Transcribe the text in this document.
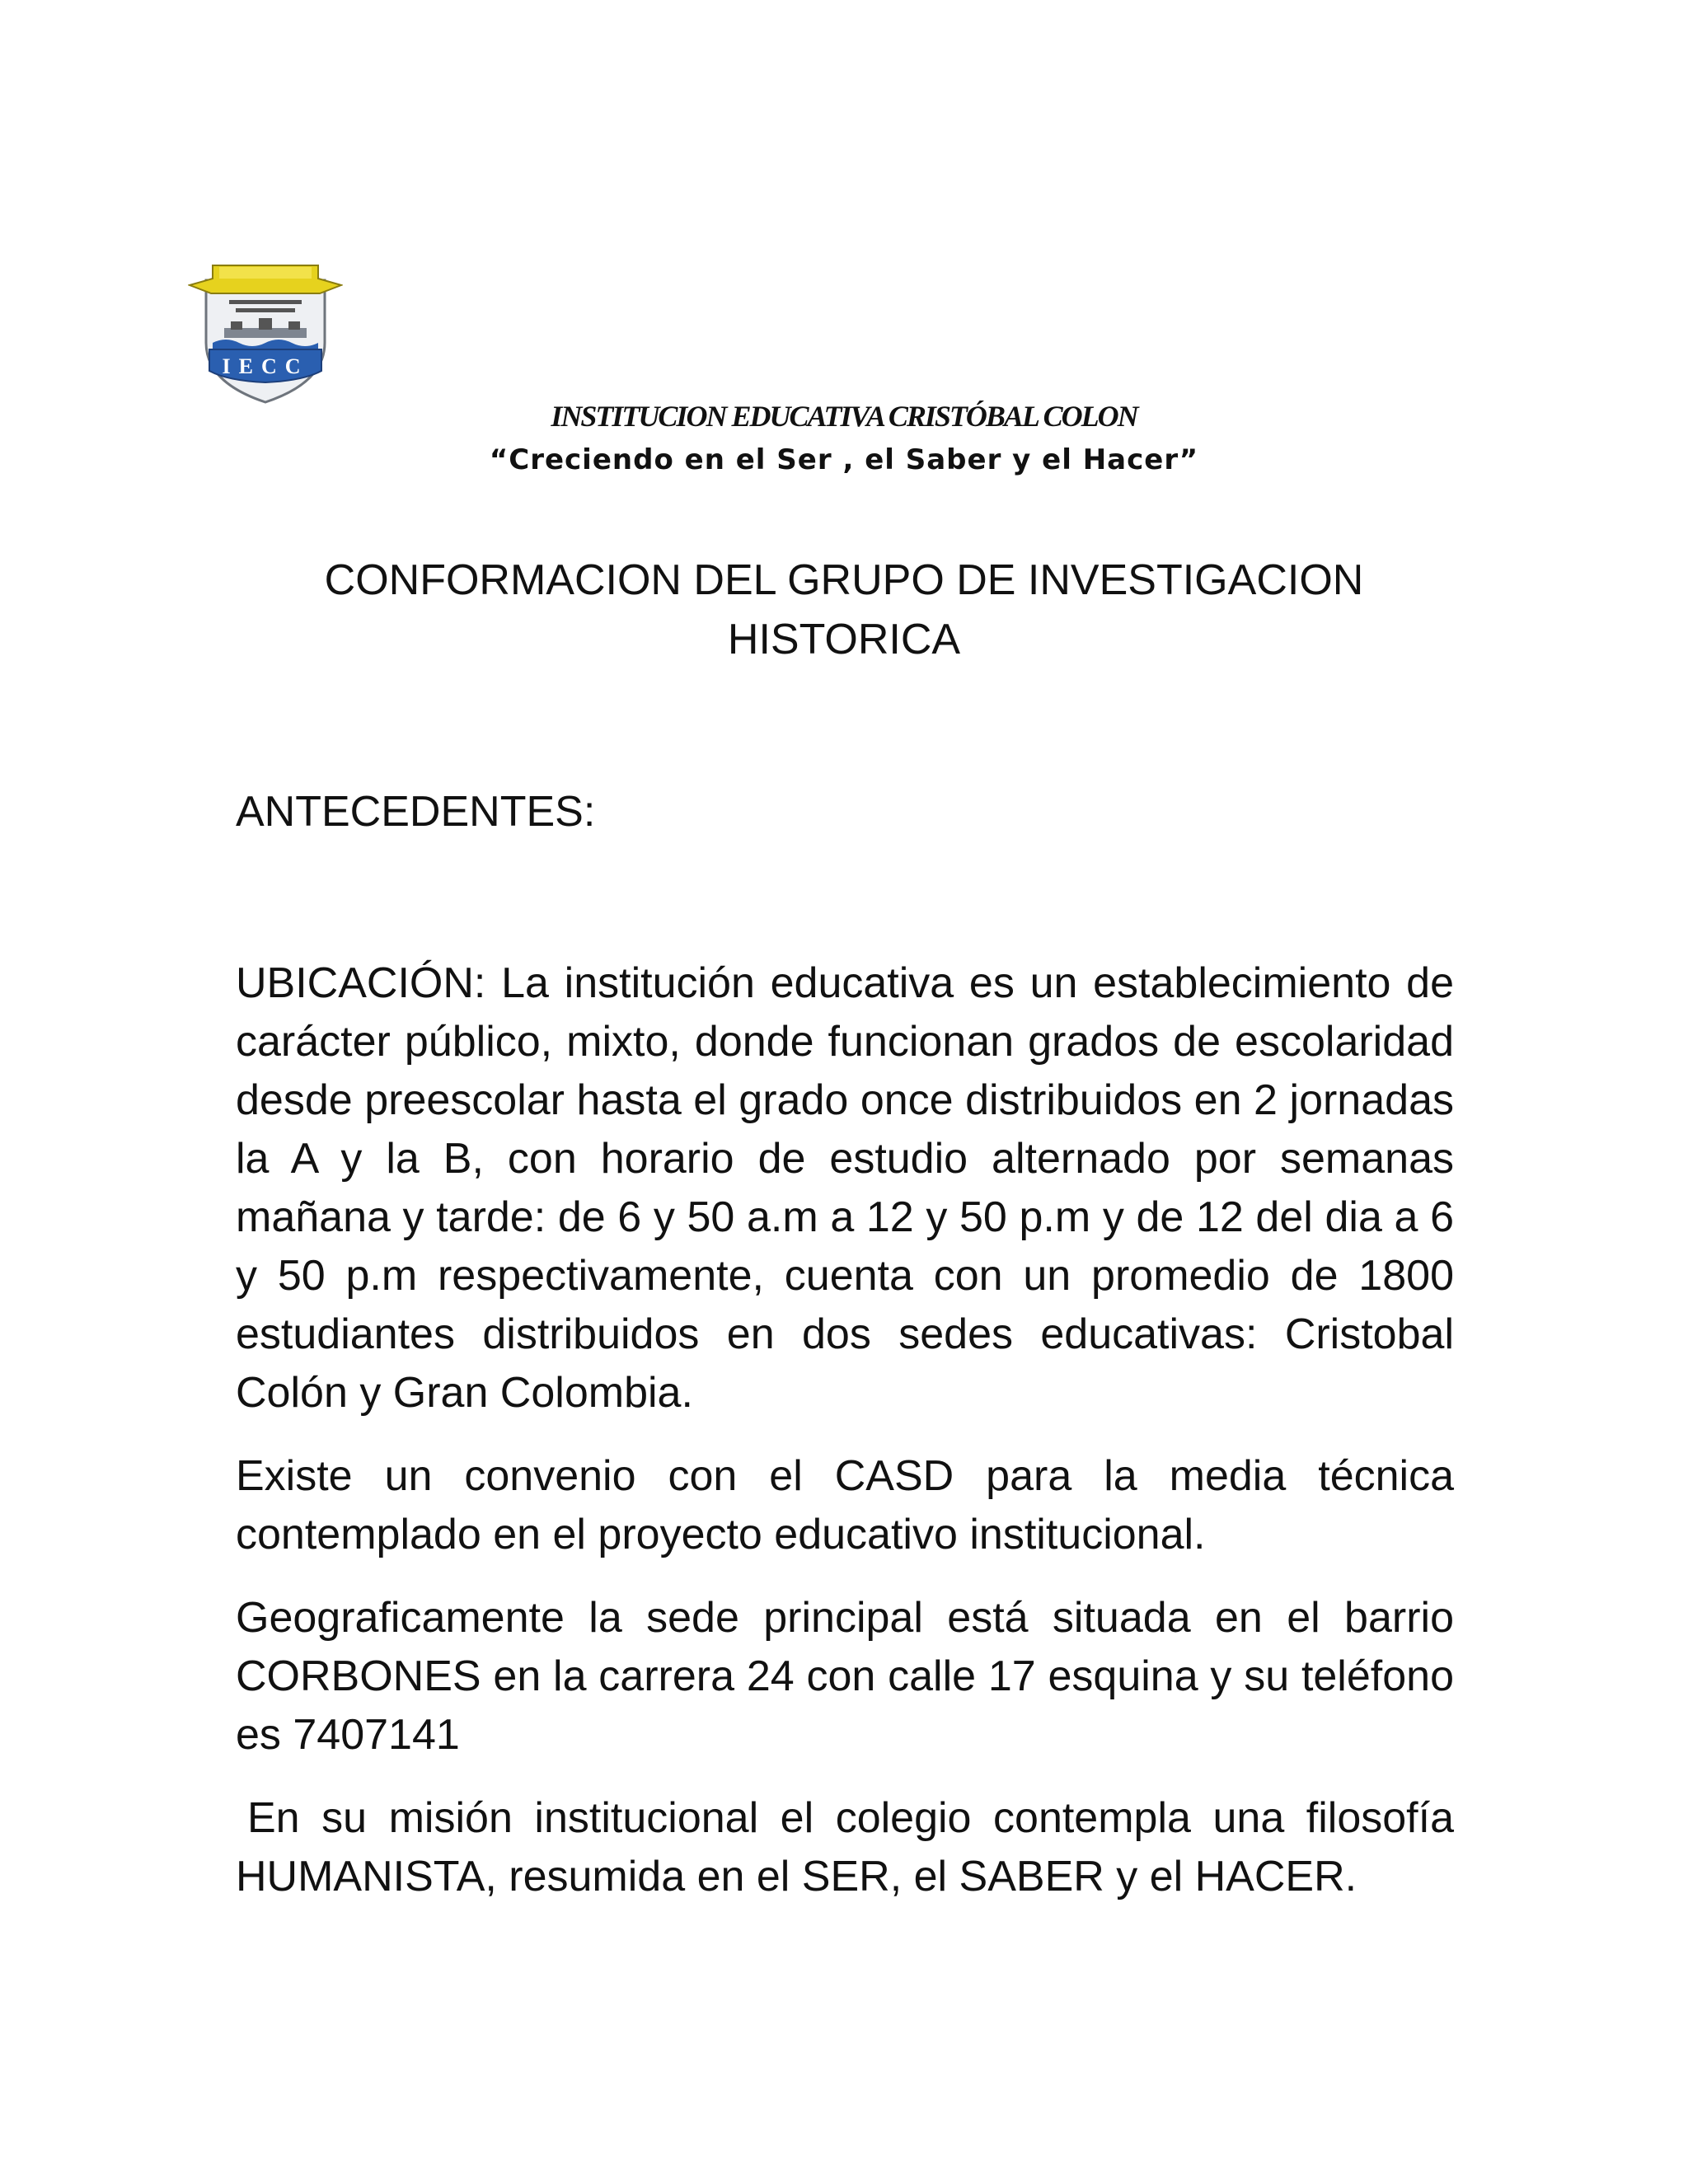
IECC
INSTITUCION EDUCATIVA CRISTÓBAL COLON
“Creciendo en el Ser , el Saber y el Hacer”
CONFORMACION DEL GRUPO DE INVESTIGACION
HISTORICA
ANTECEDENTES:

UBICACIÓN: La institución educativa es un establecimiento de carácter público, mixto, donde funcionan grados de escolaridad desde preescolar hasta el grado once distribuidos en 2 jornadas la A y la B, con horario de estudio alternado por semanas mañana y tarde: de 6 y 50 a.m a 12 y 50 p.m y de 12 del dia a 6 y 50 p.m respectivamente, cuenta con un promedio de 1800 estudiantes distribuidos en dos sedes educativas: Cristobal Colón y Gran Colombia.

Existe un convenio con el CASD para la media técnica contemplado en el proyecto educativo institucional.

Geograficamente la sede principal está situada en el barrio CORBONES en la carrera 24 con calle 17 esquina y su teléfono es 7407141

En su misión institucional el colegio contempla una filosofía HUMANISTA, resumida en el SER, el SABER y el HACER.
